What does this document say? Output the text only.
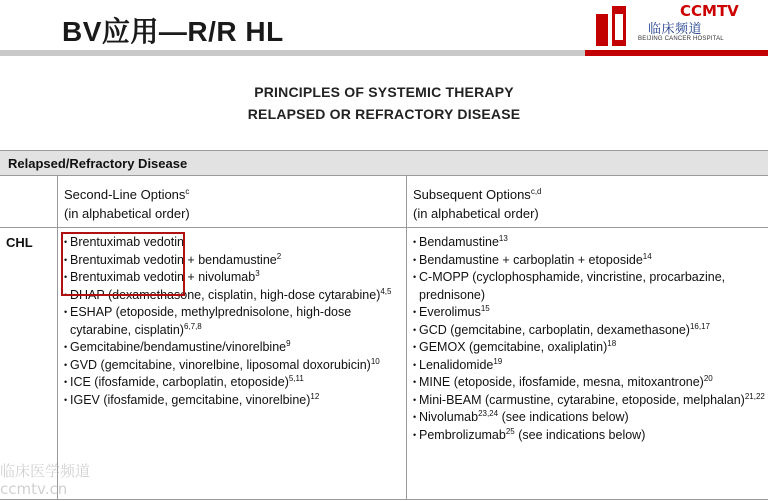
BV应用—R/R HL
CCMTV
临床频道
BEIJING CANCER HOSPITAL
PRINCIPLES OF SYSTEMIC THERAPY
RELAPSED OR REFRACTORY DISEASE
Relapsed/Refractory Disease
Second-Line Options$^c$
(in alphabetical order)
Subsequent Options$^{c,d}$
(in alphabetical order)
CHL
•	Brentuximab vedotin
• Brentuximab vedotin + bendamustine$^2$
• Brentuximab vedotin + nivolumab$^3$
• DHAP (dexamethasone, cisplatin, high-dose cytarabine)$^{4,5}$
• ESHAP (etoposide, methylprednisolone, high-dose cytarabine, cisplatin)$^{6,7,8}$
• Gemcitabine/bendamustine/vinorelbine$^9$
• GVD (gemcitabine, vinorelbine, liposomal doxorubicin)$^{10}$
• ICE (ifosfamide, carboplatin, etoposide)$^{5,11}$
• IGEV (ifosfamide, gemcitabine, vinorelbine)$^{12}$
• Bendamustine$^{13}$
• Bendamustine + carboplatin + etoposide$^{14}$
• C-MOPP (cyclophosphamide, vincristine, procarbazine, prednisone)
• Everolimus$^{15}$
• GCD (gemcitabine, carboplatin, dexamethasone)$^{16,17}$
• GEMOX (gemcitabine, oxaliplatin)$^{18}$
• Lenalidomide$^{19}$
• MINE (etoposide, ifosfamide, mesna, mitoxantrone)$^{20}$
• Mini-BEAM (carmustine, cytarabine, etoposide, melphalan)$^{21,22}$
• Nivolumab$^{23,24}$ (see indications below)
• Pembrolizumab$^{25}$ (see indications below)
临床医学频道
ccmtv.cn
